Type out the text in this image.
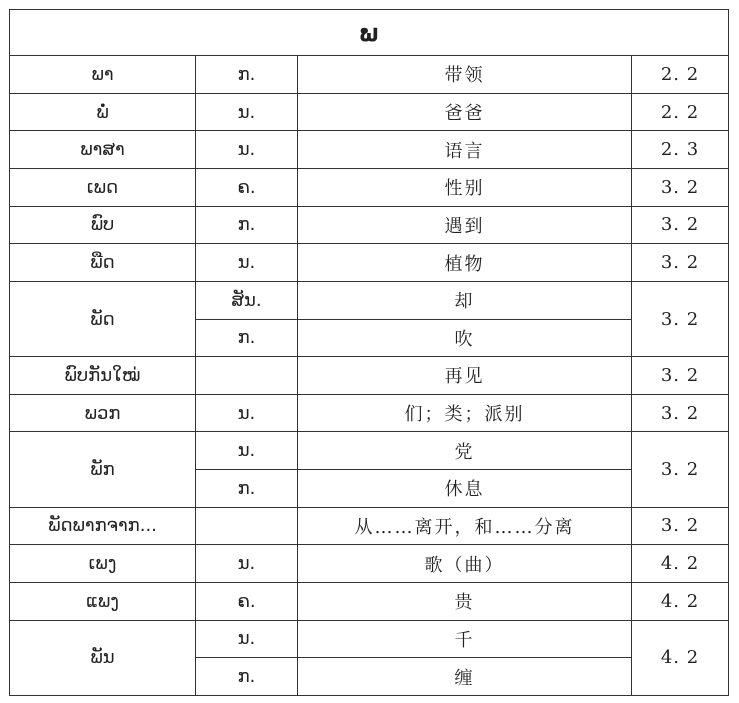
ພ			
ພາ	ກ.	带领	2. 2
ພໍ່	ນ.	爸爸	2. 2
ພາສາ	ນ.	语言	2. 3
ເພດ	ຄ.	性别	3. 2
ພົບ	ກ.	遇到	3. 2
ພືດ	ນ.	植物	3. 2
ພັດ	ສັນ.	却	3. 2
	ກ.	吹	
ພົບກັນໃໝ່		再见	3. 2
ພວກ	ນ.	们；类；派别	3. 2
ພັກ	ນ.	党	3. 2
	ກ.	休息	
ພັດພາກຈາກ...		从……离开，和……分离	3. 2
ເພງ	ນ.	歌（曲）	4. 2
ແພງ	ຄ.	贵	4. 2
ພັນ	ນ.	千	4. 2
	ກ.	缠	
